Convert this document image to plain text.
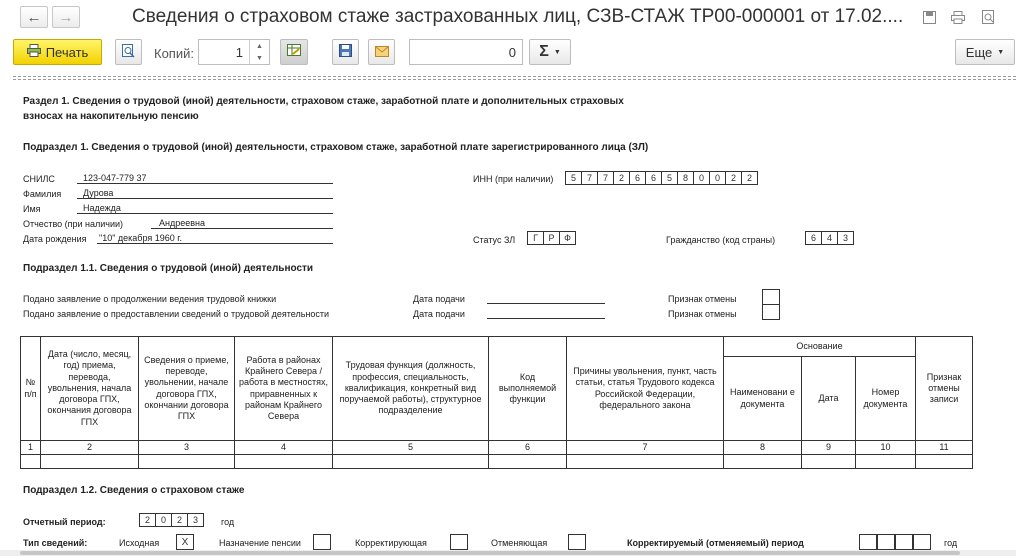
← →	Сведения о страховом стаже застрахованных лиц, СЗВ-СТАЖ ТР00-000001 от 17.02....
Печать	Копий:	1 ▲
▼	0 Σ ▼	Еще ▼
Раздел 1. Сведения о трудовой (иной) деятельности, страховом стаже, заработной плате и дополнительных страховых
взносах на накопительную пенсию
Подраздел 1. Сведения о трудовой (иной) деятельности, страховом стаже, заработной плате зарегистрированного лица (ЗЛ)
СНИЛС	123-047-779 37
Фамилия Дурова
Имя	Надежда
Отчество (при наличии)	Андреевна
Дата рождения "10" декабря 1960 г.
ИНН (при наличии)	5	7	7	2	6	6	5	8	0	0	2	2
Статус ЗЛ	Г	Р	Ф	Гражданство (код страны)	6	4	3
Подраздел 1.1. Сведения о трудовой (иной) деятельности
Подано заявление о продолжении ведения трудовой книжки	Дата подачи	Признак отмены
Подано заявление о предоставлении сведений о трудовой деятельности	Дата подачи	Признак отмены
№ п/п	Дата (число, месяц, год) приема, перевода, увольнения, начала договора ГПХ, окончания договора ГПХ	Сведения о приеме, переводе, увольнении, начале договора ГПХ, окончании договора ГПХ	Работа в районах Крайнего Севера / работа в местностях, приравненных к районам Крайнего Севера	Трудовая функция (должность, профессия, специальность, квалификация, конкретный вид поручаемой работы), структурное подразделение	Код выполняемой функции	Причины увольнения, пункт, часть статьи, статья Трудового кодекса Российской Федерации, федерального закона	Основание			Признак отмены записи
							Наименовани е документа	Дата	Номер документа	
1	2	3	4	5	6	7	8	9	10	11

Подраздел 1.2. Сведения о страховом стаже
Отчетный период:	2	0	2	3	год
Тип сведений:	Исходная	X	Назначение пенсии	Корректирующая	Отменяющая	Корректируемый (отменяемый) период	год
